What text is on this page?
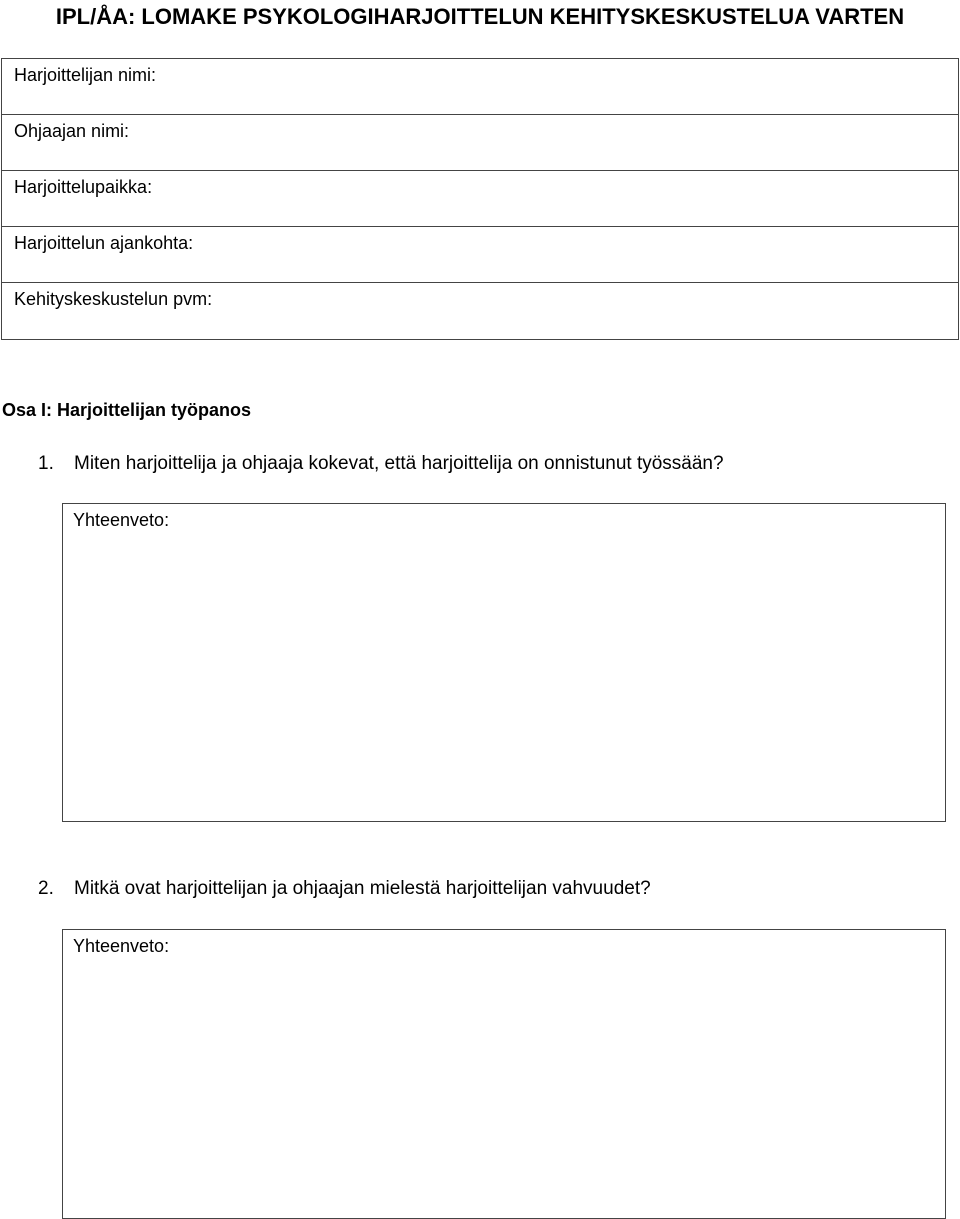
IPL/ÅA: LOMAKE PSYKOLOGIHARJOITTELUN KEHITYSKESKUSTELUA VARTEN
Harjoittelijan nimi:
Ohjaajan nimi:
Harjoittelupaikka:
Harjoittelun ajankohta:
Kehityskeskustelun pvm:
Osa I: Harjoittelijan työpanos
1. Miten harjoittelija ja ohjaaja kokevat, että harjoittelija on onnistunut työssään?
Yhteenveto:
2. Mitkä ovat harjoittelijan ja ohjaajan mielestä harjoittelijan vahvuudet?
Yhteenveto:
